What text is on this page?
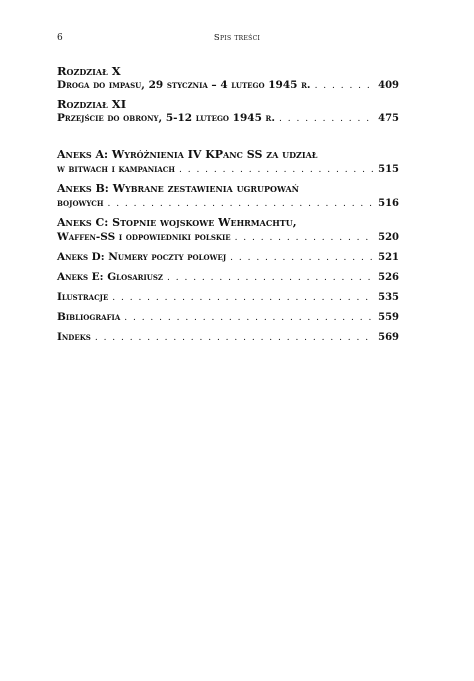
6	Spis treści
Rozdział X
Droga do impasu, 29 stycznia – 4 lutego 1945 r. . . .	409
Rozdział XI
Przejście do obrony, 5-12 lutego 1945 r. . . .	475
Aneks A: Wyróżnienia IV KPanc SS za udział
w bitwach i kampaniach . . .	515
Aneks B: Wybrane zestawienia ugrupowań
bojowych . . .	516
Aneks C: Stopnie wojskowe Wehrmachtu,
Waffen-SS i odpowiedniki polskie . . .	520
Aneks D: Numery poczty polowej . . .	521
Aneks E: Glosariusz . . .	526
Ilustracje . . .	535
Bibliografia . . .	559
Indeks . . .	569
